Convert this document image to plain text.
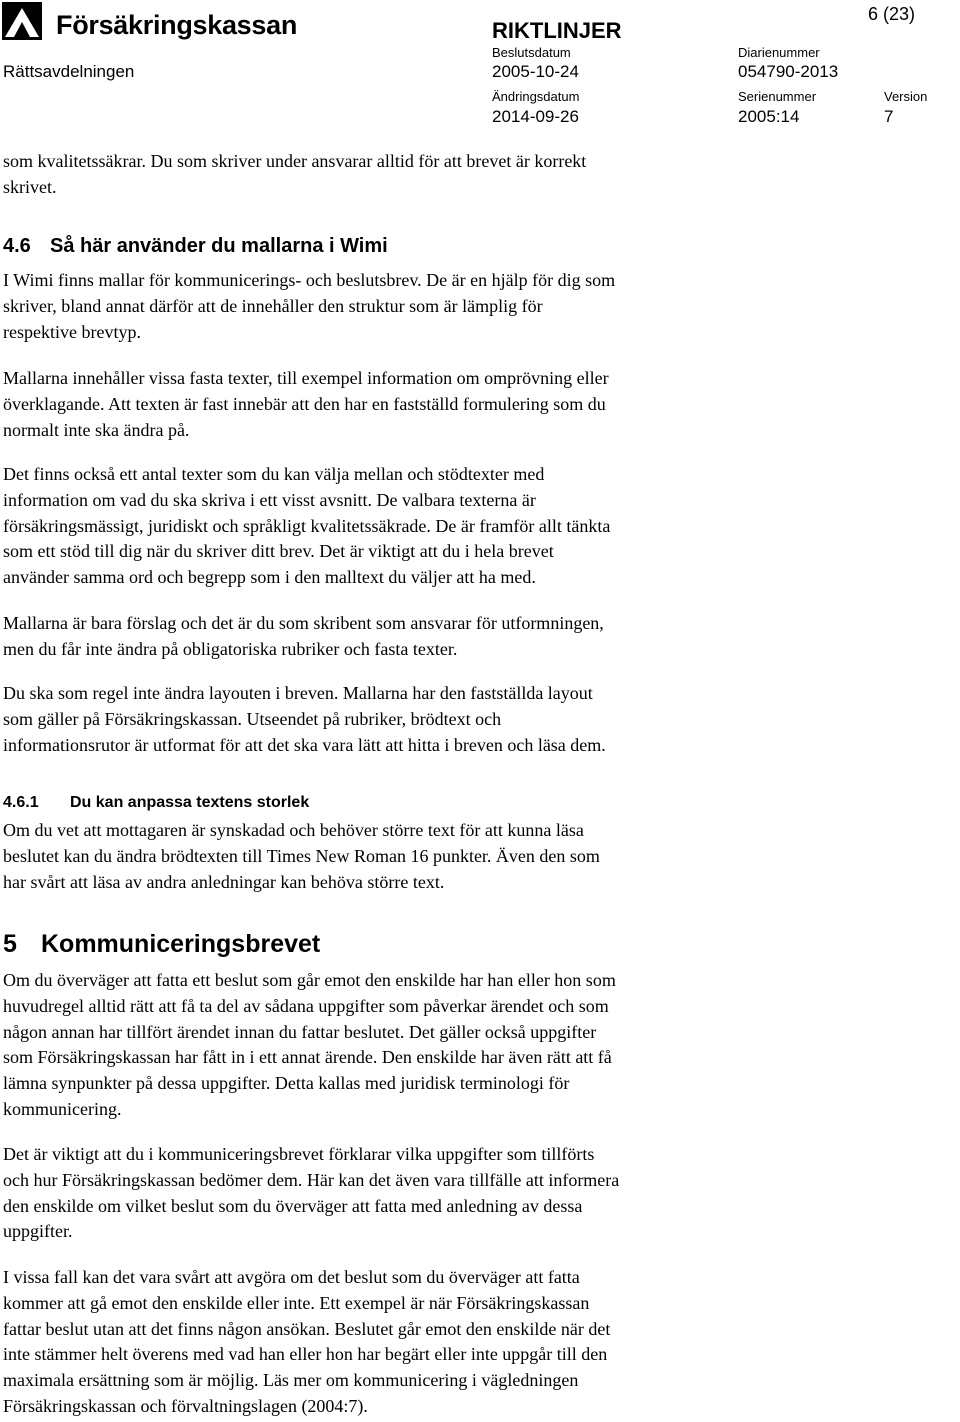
Försäkringskassan	RIKTLINJER
6 (23)
Rättsavdelningen
Beslutsdatum
2005-10-24
Diarienummer
054790-2013
Ändringsdatum
2014-09-26
Serienummer
2005:14
Version
7
som kvalitetssäkrar. Du som skriver under ansvarar alltid för att brevet är korrekt
skrivet.
4.6 Så här använder du mallarna i Wimi
I Wimi finns mallar för kommunicerings- och beslutsbrev. De är en hjälp för dig som
skriver, bland annat därför att de innehåller den struktur som är lämplig för
respektive brevtyp.
Mallarna innehåller vissa fasta texter, till exempel information om omprövning eller
överklagande. Att texten är fast innebär att den har en fastställd formulering som du
normalt inte ska ändra på.
Det finns också ett antal texter som du kan välja mellan och stödtexter med
information om vad du ska skriva i ett visst avsnitt. De valbara texterna är
försäkringsmässigt, juridiskt och språkligt kvalitetssäkrade. De är framför allt tänkta
som ett stöd till dig när du skriver ditt brev. Det är viktigt att du i hela brevet
använder samma ord och begrepp som i den malltext du väljer att ha med.
Mallarna är bara förslag och det är du som skribent som ansvarar för utformningen,
men du får inte ändra på obligatoriska rubriker och fasta texter.
Du ska som regel inte ändra layouten i breven. Mallarna har den fastställda layout
som gäller på Försäkringskassan. Utseendet på rubriker, brödtext och
informationsrutor är utformat för att det ska vara lätt att hitta i breven och läsa dem.
4.6.1 Du kan anpassa textens storlek
Om du vet att mottagaren är synskadad och behöver större text för att kunna läsa
beslutet kan du ändra brödtexten till Times New Roman 16 punkter. Även den som
har svårt att läsa av andra anledningar kan behöva större text.
5 Kommuniceringsbrevet
Om du överväger att fatta ett beslut som går emot den enskilde har han eller hon som
huvudregel alltid rätt att få ta del av sådana uppgifter som påverkar ärendet och som
någon annan har tillfört ärendet innan du fattar beslutet. Det gäller också uppgifter
som Försäkringskassan har fått in i ett annat ärende. Den enskilde har även rätt att få
lämna synpunkter på dessa uppgifter. Detta kallas med juridisk terminologi för
kommunicering.
Det är viktigt att du i kommuniceringsbrevet förklarar vilka uppgifter som tillförts
och hur Försäkringskassan bedömer dem. Här kan det även vara tillfälle att informera
den enskilde om vilket beslut som du överväger att fatta med anledning av dessa
uppgifter.
I vissa fall kan det vara svårt att avgöra om det beslut som du överväger att fatta
kommer att gå emot den enskilde eller inte. Ett exempel är när Försäkringskassan
fattar beslut utan att det finns någon ansökan. Beslutet går emot den enskilde när det
inte stämmer helt överens med vad han eller hon har begärt eller inte uppgår till den
maximala ersättning som är möjlig. Läs mer om kommunicering i vägledningen
Försäkringskassan och förvaltningslagen (2004:7).
